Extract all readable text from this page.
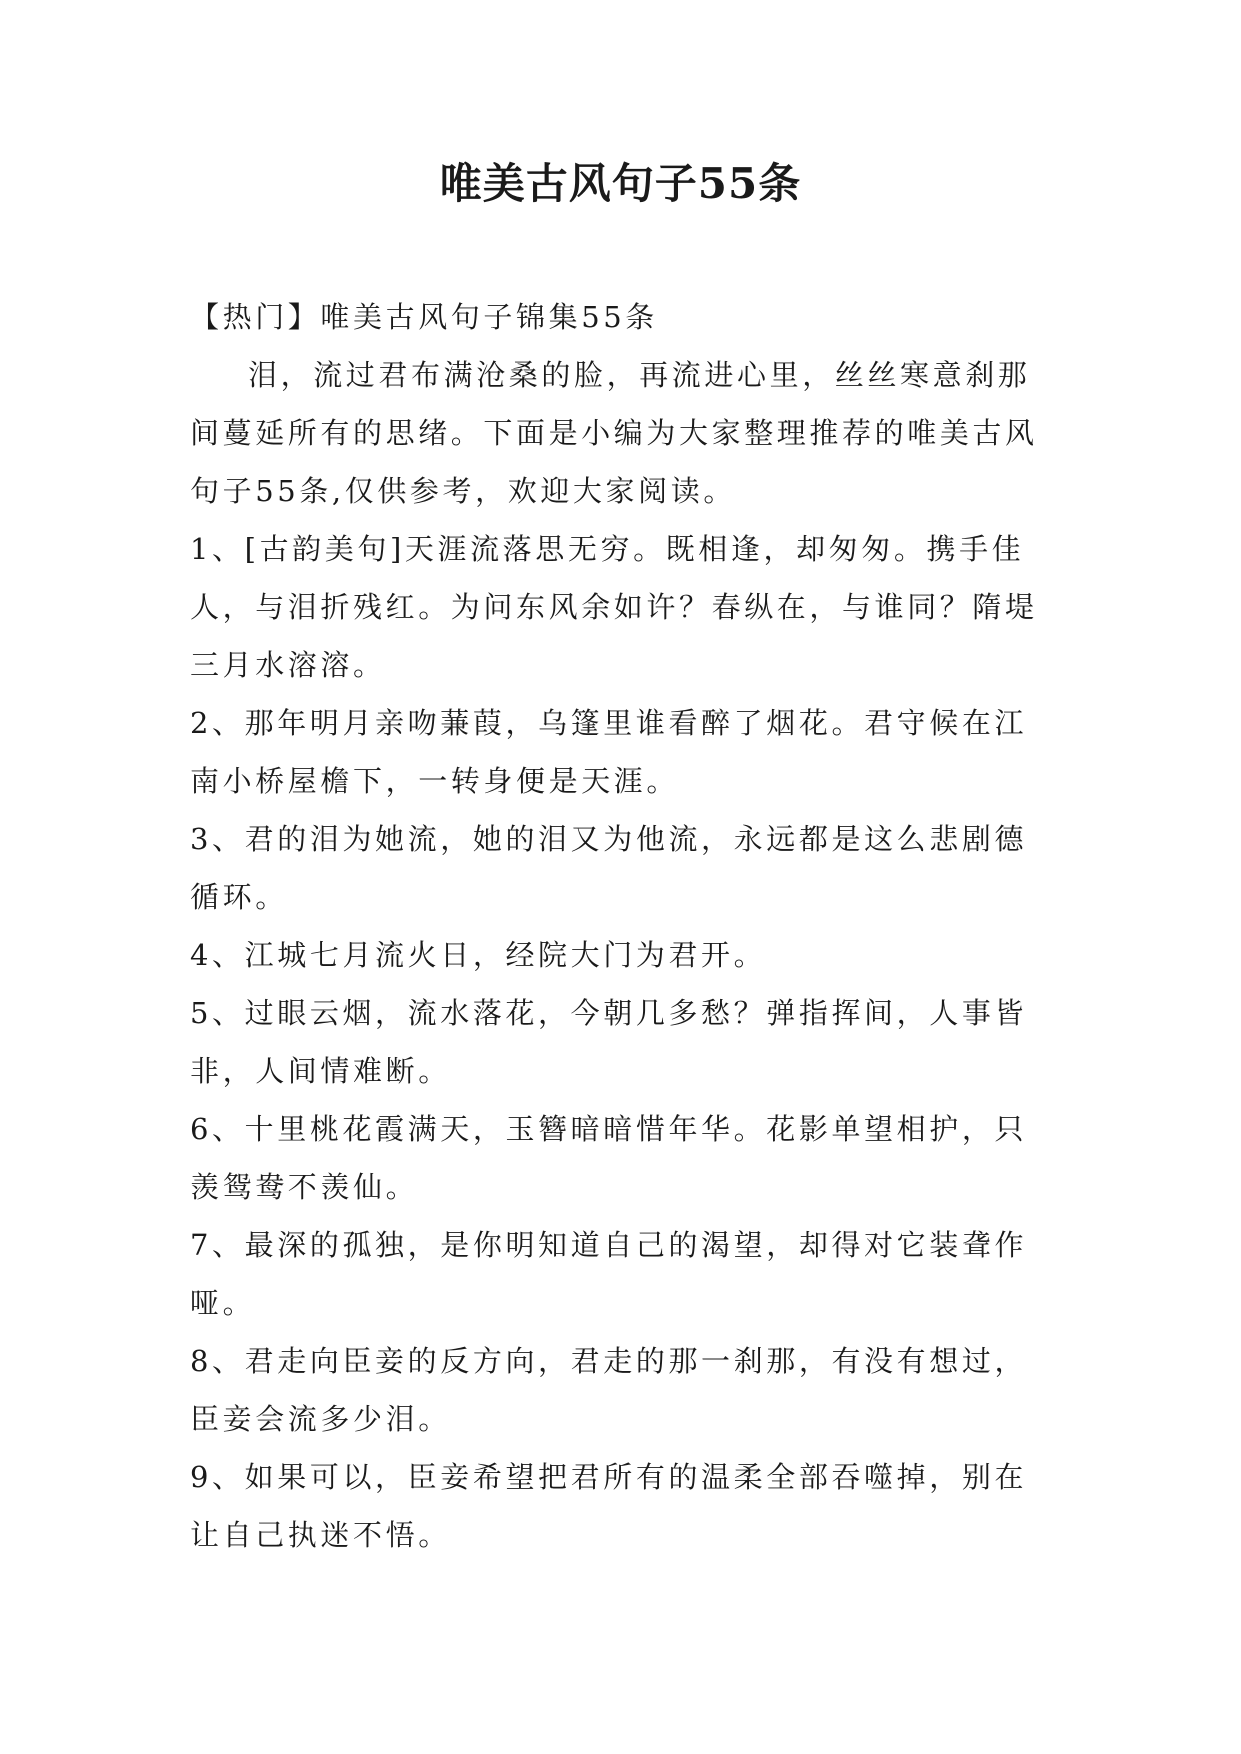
唯美古风句子55条

【热门】唯美古风句子锦集55条

泪，流过君布满沧桑的脸，再流进心里，丝丝寒意刹那间蔓延所有的思绪。下面是小编为大家整理推荐的唯美古风句子55条,仅供参考，欢迎大家阅读。

1、[古韵美句]天涯流落思无穷。既相逢，却匆匆。携手佳人，与泪折残红。为问东风余如许？春纵在，与谁同？隋堤三月水溶溶。

2、那年明月亲吻蒹葭，乌篷里谁看醉了烟花。君守候在江南小桥屋檐下，一转身便是天涯。

3、君的泪为她流，她的泪又为他流，永远都是这么悲剧德循环。

4、江城七月流火日，经院大门为君开。

5、过眼云烟，流水落花，今朝几多愁？弹指挥间，人事皆非，人间情难断。

6、十里桃花霞满天，玉簪暗暗惜年华。花影单望相护，只羡鸳鸯不羡仙。

7、最深的孤独，是你明知道自己的渴望，却得对它装聋作哑。

8、君走向臣妾的反方向，君走的那一刹那，有没有想过，臣妾会流多少泪。

9、如果可以，臣妾希望把君所有的温柔全部吞噬掉，别在让自己执迷不悟。
